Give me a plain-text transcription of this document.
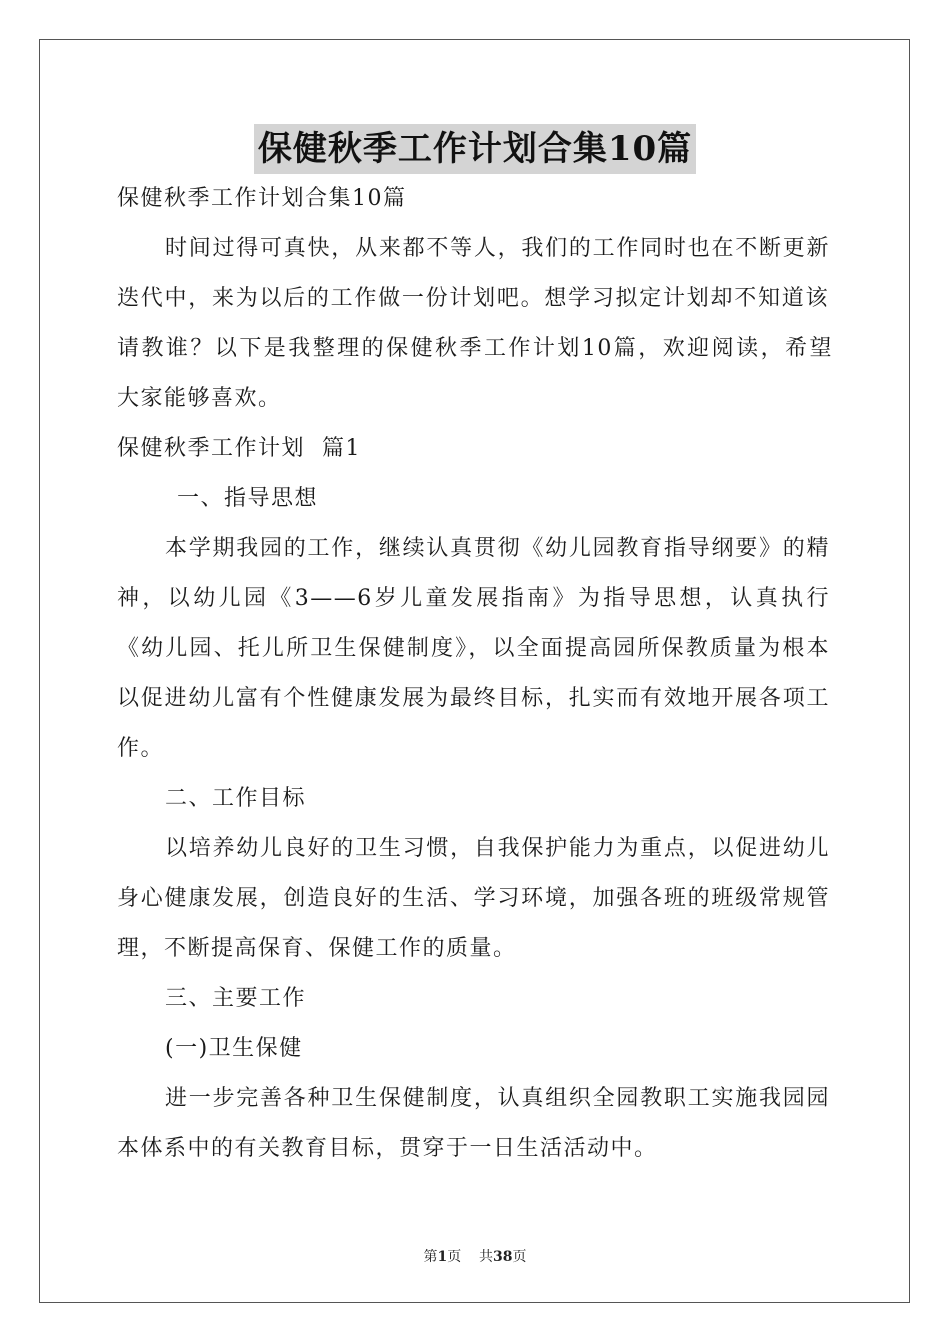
保健秋季工作计划合集10篇
保健秋季工作计划合集10篇
时间过得可真快，从来都不等人，我们的工作同时也在不断更新
迭代中，来为以后的工作做一份计划吧。想学习拟定计划却不知道该
请教谁？以下是我整理的保健秋季工作计划10篇，欢迎阅读，希望
大家能够喜欢。
保健秋季工作计划  篇1
一、指导思想
本学期我园的工作，继续认真贯彻《幼儿园教育指导纲要》的精
神，以幼儿园《3——6岁儿童发展指南》为指导思想，认真执行
《幼儿园、托儿所卫生保健制度》，以全面提高园所保教质量为根本
以促进幼儿富有个性健康发展为最终目标，扎实而有效地开展各项工
作。
二、工作目标
以培养幼儿良好的卫生习惯，自我保护能力为重点，以促进幼儿
身心健康发展，创造良好的生活、学习环境，加强各班的班级常规管
理，不断提高保育、保健工作的质量。
三、主要工作
(一)卫生保健
进一步完善各种卫生保健制度，认真组织全园教职工实施我园园
本体系中的有关教育目标，贯穿于一日生活活动中。
第1页    共38页
